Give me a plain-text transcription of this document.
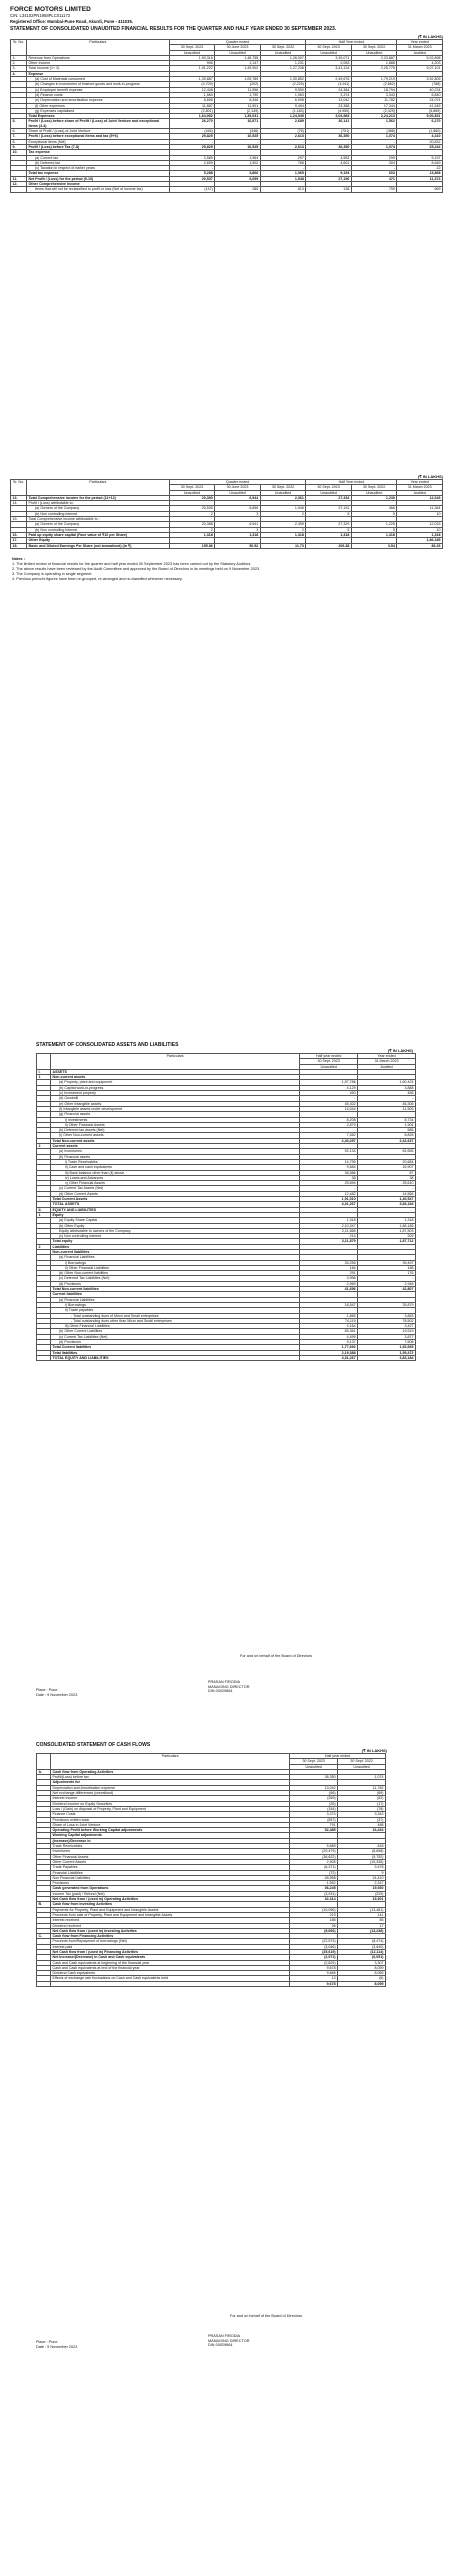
FORCE MOTORS LIMITED
CIN: L34102PN1958PLC011172
Registered Office: Mumbai-Pune Road, Akurdi, Pune - 411035.
STATEMENT OF CONSOLIDATED UNAUDITED FINANCIAL RESULTS FOR THE QUARTER AND HALF YEAR ENDED 30 SEPTEMBER 2023.
(₹ IN LAKHS)
Sr. No.	Particulars	Quarter ended			Half Year ended		Year ended
		30 Sept. 2023	30 June 2023	30 Sept. 2022	30 Sept. 2023	30 Sept. 2022	31 March 2023
		Unaudited	Unaudited	Unaudited	Unaudited	Unaudited	Audited
1.	Revenue from Operations	1,90,316	1,48,755	1,26,007	3,39,071	2,23,887	5,02,898
2.	Other Income	906	1,147	1,231	2,053	1,888	4,203
3.	Total Income (1+ 2)	1,91,222	1,49,902	1,27,238	3,41,124	2,25,775	5,07,101
4.	Expense						
	(a) Cost of Materials consumed	1,39,887	1,09,789	1,00,852	2,49,676	1,79,219	3,92,805
	(b) Changes in inventories of finished goods and work-in-progress	(4,709)	(202)	(2,225)	(4,911)	(2,862)	(788)
	(c) Employee benefit expense	12,408	11,956	9,550	24,364	18,794	40,234
	(d) Finance costs	1,584	1,790	1,963	3,374	3,343	6,840
	(e) Depreciation and amortisation expense	6,696	6,346	6,098	13,042	11,782	24,074
	(f) Other expenses	11,887	11,501	9,494	23,388	17,344	41,545
	(g) Expenses capitalised	(2,801)	(2,149)	(1,184)	(4,950)	(2,429)	(5,889)
	Total Expenses	1,64,952	1,39,031	1,24,549	3,04,983	2,24,213	5,00,831
5.	Profit / (Loss) before share of Profit / (Loss) of Joint Venture and exceptional items (3-4)	26,270	10,871	2,689	36,141	1,562	6,270
6.	Share of Profit / (Loss) of Joint Venture	(445)	(346)	(76)	(791)	(488)	(1,860)
7.	Profit / (Loss) before exceptional items and tax (5+6)	25,825	10,525	2,613	36,350	1,074	4,410
8.	Exceptional items (Net)	-	-	-	-	-	20,832
9.	Profit / (Loss) before Tax (7-8)	25,825	10,525	2,613	36,350	1,074	25,242
10.	Tax expense						
	(a) Current tax	2,589	1,964	297	4,553	299	5,197
	(b) Deferred tax	2,699	1,902	768	4,601	304	8,649
	(c) Taxation in respect of earlier years	-	-	-	-	-	22
	Total tax expense	5,288	3,866	1,065	9,154	603	13,868
11.	Net Profit / (Loss) for the period (9-10)	20,537	6,659	1,548	27,196	471	11,374
12.	Other Comprehensive Income						
	Items that will not be reclassified to profit or loss (Net of income tax)	(147)	285	813	138	759	669
(₹ IN LAKHS)
Sr. No.	Particulars	Quarter ended			Half Year ended		Year ended
		30 Sept. 2023	30 June 2023	30 Sept. 2022	30 Sept. 2023	30 Sept. 2022	31 March 2023
		Unaudited	Unaudited	Unaudited	Unaudited	Unaudited	Audited
13.	Total Comprehensive income for the period (11+12)	20,390	6,944	2,361	27,334	1,230	12,043
14.	Profit / (Loss) attributable to:						
	(a) Owners of the Company	20,535	6,656	1,546	27,191	466	11,364
	(b) Non controlling interest	2	3	2	5	5	10
15.	Total Comprehensive income attributable to :						
	(a) Owners of the Company	20,388	6,941	2,359	27,329	1,225	12,033
	(b) Non controlling interest	2	3	2	5	5	10
16.	Paid up equity share capital (Face value of ₹10 per Share)	1,318	1,318	1,318	1,318	1,318	1,318
17.	Other Equity						1,86,185
18.	Basic and Diluted Earnings Per Share (not annualised) (in ₹)	155.86	50.52	11.73	206.38	3.54	86.26
Notes :
1. The limited review of financial results for the quarter and half year ended 30 September 2023 has been carried out by the Statutory Auditors.
2. The above results have been reviewed by the Audit Committee and approved by the Board of Directors in its meetings held on 9 November 2023.
3. The Company is operating in single segment.
4. Previous period's figures have been re-grouped, re-arranged and re-classified wherever necessary.
STATEMENT OF CONSOLIDATED ASSETS AND LIABILITIES
(₹ IN LAKHS)
	Particulars	Half year ended	Year ended
		30 Sept. 2023	31 March 2023
		Unaudited	Audited
I.	ASSETS		
1	Non-current assets		
	(a) Property, plant and equipment	1,57,786	1,60,424
	(b) Capital work-in-progress	4,129	3,888
	(c) Investment property	450	456
	(d) Goodwill	-	-
	(e) Other Intangible assets	45,302	46,306
	(f) Intangible assets under development	14,044	11,505
	(g) Financial assets		
	i) Investments	8,208	8,734
	ii) Other Financial Assets	2,879	1,904
	(h) Deferred tax assets (Net)	-	585
	(i) Other Non-current assets	7,462	8,839
	Total Non-current assets	2,40,257	2,42,637
2	Current assets		
	(a) Inventories	92,134	62,655
	(b) Financial assets		
	i) Trade Receivables	14,795	20,684
	ii) Cash and cash equivalents	9,684	16,907
	iii) Bank balance other than (ii) above	36,586	87
	iv) Loans and Advances	35	38
	v) Other Financial Assets	25,694	25,610
	(c) Current Tax Assets (Net)	-	-
	(d) Other Current Assets	12,482	14,566
	Total Current Assets	1,91,010	1,40,547
	TOTAL ASSETS	4,31,267	3,83,184
II.	EQUITY AND LIABILITIES		
1	Equity		
	(a) Equity Share Capital	1,318	1,318
	(b) Other Equity	2,10,347	1,86,185
	Equity attributable to owners of the Company	2,11,665	1,87,503
	(c) Non controlling interest	214	209
	Total equity	2,11,879	1,87,712
2	Liabilities		
	Non-current liabilities		
	(a) Financial Liabilities		
	i) Borrowings	34,256	39,497
	ii) Other Financial Liabilities	184	188
	(b) Other Non-current liabilities	291	176
	(c) Deferred Tax Liabilities (Net)	3,996	-
	(d) Provisions	2,969	2,946
	Total Non-current liabilities	41,696	42,807
	Current liabilities		
	(a) Financial Liabilities		
	i) Borrowings	18,547	35,879
	ii) Trade payables		
	- Total outstanding dues of Micro and Small enterprises	1,865	3,853
	- Total outstanding dues other than Micro and Small enterprises	74,119	78,502
	iii) Other Financial Liabilities	4,164	3,427
	(b) Other Current Liabilities	65,361	19,519
	(c) Current Tax Liabilities (Net)	4,499	3,877
	(d) Provisions	9,137	7,608
	Total Current liabilities	1,77,692	1,52,665
	Total liabilities	2,19,388	1,95,472
	TOTAL EQUITY AND LIABILITIES	4,31,267	3,83,184
For and on behalf of the Board of Directors
Place : Pune
Date : 9 November 2023
PRASAN FIRODIA
MANAGING DIRECTOR
DIN 00029664
CONSOLIDATED STATEMENT OF CASH FLOWS
(₹ IN LAKHS)
	Particulars	Half year ended	
		30 Sept. 2023	30 Sept. 2022
		Unaudited	Unaudited
A.	Cash flow from Operating Activities		
	Profit/(Loss) before tax	36,350	1,074
	Adjustments for		
	Depreciation and Amortisation expense	13,042	11,782
	Net exchange differences (unrealised)	(66)	(69)
	Interest Income	(269)	(52)
	Dividend Income on Equity Securities	(26)	(17)
	Loss / (Gain) on disposal of Property, Plant and Equipment	(154)	(78)
	Finance Costs	3,374	3,343
	Provisions written back	(557)	(37)
	Share of Loss in Joint Venture	791	488
	Operating Profit before Working Capital adjustments	52,485	16,434
	Working Capital adjustments		
	(Increase)/Decrease in		
	Trade Receivables	5,889	618
	Inventories	(29,479)	(8,658)
	Other Financial Assets	(36,622)	(5,752)
	Other Current Assets	2,905	(19,336)
	Trade Payables	(6,371)	9,478
	Financial Liabilities	(72)	9
	Non Financial Liabilities	45,958	24,410
	Provisions	1,552	2,327
	Cash generated from Operations	36,245	19,530
	Income Tax (paid) / Refund (Net)	(3,931)	(229)
	Net Cash flow from / (used in) Operating Activities	32,314	19,301
B.	Cash flow from Investing Activities		
	Payments for Property, Plant and Equipment and Intangible Assets	(10,096)	(13,481)
	Proceeds from sale of Property, Plant and Equipment and Intangible Assets	219	141
	Interest received	185	85
	Dividend received	26	17
	Net Cash flow from / (used in) Investing Activities	(9,666)	(13,238)
C.	Cash flow from Financing Activities		
	Proceeds from/Repayment of borrowings (Net)	(22,573)	(8,474)
	Interest paid	(3,046)	(3,640)
	Net Cash flow from / (used in) Financing Activities	(25,619)	(12,114)
	Net Increase/(Decrease) in Cash and Cash equivalents	(2,971)	(6,051)
	Cash and Cash equivalents at beginning of the financial year	(2,829)	3,307
	Cash and Cash equivalents at end of the financial year	9,678	8,059
	Dividend Cash equivalents	9,666	8,065
	Effects of exchange rate fluctuations on Cash and Cash equivalents held	12	(6)
		9,678	8,059
For and on behalf of the Board of Directors
Place : Pune
Date : 9 November 2023
PRASAN FIRODIA
MANAGING DIRECTOR
DIN 00029664
